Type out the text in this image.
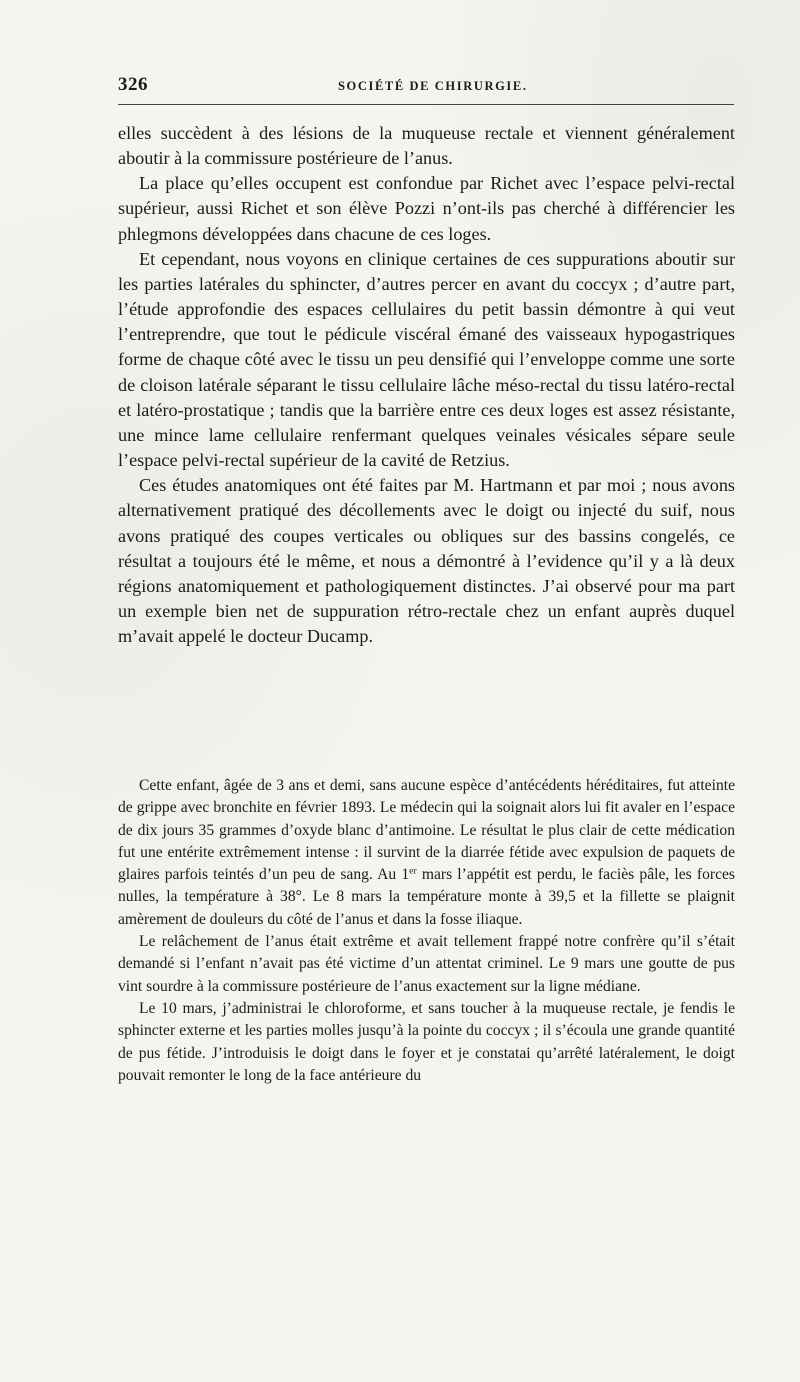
326	SOCIÉTÉ DE CHIRURGIE.

elles succèdent à des lésions de la muqueuse rectale et viennent généralement aboutir à la commissure postérieure de l’anus.

La place qu’elles occupent est confondue par Richet avec l’espace pelvi-rectal supérieur, aussi Richet et son élève Pozzi n’ont-ils pas cherché à différencier les phlegmons développées dans chacune de ces loges.

Et cependant, nous voyons en clinique certaines de ces suppurations aboutir sur les parties latérales du sphincter, d’autres percer en avant du coccyx ; d’autre part, l’étude approfondie des espaces cellulaires du petit bassin démontre à qui veut l’entreprendre, que tout le pédicule viscéral émané des vaisseaux hypogastriques forme de chaque côté avec le tissu un peu densifié qui l’enveloppe comme une sorte de cloison latérale séparant le tissu cellulaire lâche méso-rectal du tissu latéro-rectal et latéro-prostatique ; tandis que la barrière entre ces deux loges est assez résistante, une mince lame cellulaire renfermant quelques veinales vésicales sépare seule l’espace pelvi-rectal supérieur de la cavité de Retzius.

Ces études anatomiques ont été faites par M. Hartmann et par moi ; nous avons alternativement pratiqué des décollements avec le doigt ou injecté du suif, nous avons pratiqué des coupes verticales ou obliques sur des bassins congelés, ce résultat a toujours été le même, et nous a démontré à l’evidence qu’il y a là deux régions anatomiquement et pathologiquement distinctes. J’ai observé pour ma part un exemple bien net de suppuration rétro-rectale chez un enfant auprès duquel m’avait appelé le docteur Ducamp.

Cette enfant, âgée de 3 ans et demi, sans aucune espèce d’antécédents héréditaires, fut atteinte de grippe avec bronchite en février 1893. Le médecin qui la soignait alors lui fit avaler en l’espace de dix jours 35 grammes d’oxyde blanc d’antimoine. Le résultat le plus clair de cette médication fut une entérite extrêmement intense : il survint de la diarrée fétide avec expulsion de paquets de glaires parfois teintés d’un peu de sang. Au 1er mars l’appétit est perdu, le faciès pâle, les forces nulles, la température à 38°. Le 8 mars la température monte à 39,5 et la fillette se plaignit amèrement de douleurs du côté de l’anus et dans la fosse iliaque.

Le relâchement de l’anus était extrême et avait tellement frappé notre confrère qu’il s’était demandé si l’enfant n’avait pas été victime d’un attentat criminel. Le 9 mars une goutte de pus vint sourdre à la commissure postérieure de l’anus exactement sur la ligne médiane.

Le 10 mars, j’administrai le chloroforme, et sans toucher à la muqueuse rectale, je fendis le sphincter externe et les parties molles jusqu’à la pointe du coccyx ; il s’écoula une grande quantité de pus fétide. J’introduisis le doigt dans le foyer et je constatai qu’arrêté latéralement, le doigt pouvait remonter le long de la face antérieure du
